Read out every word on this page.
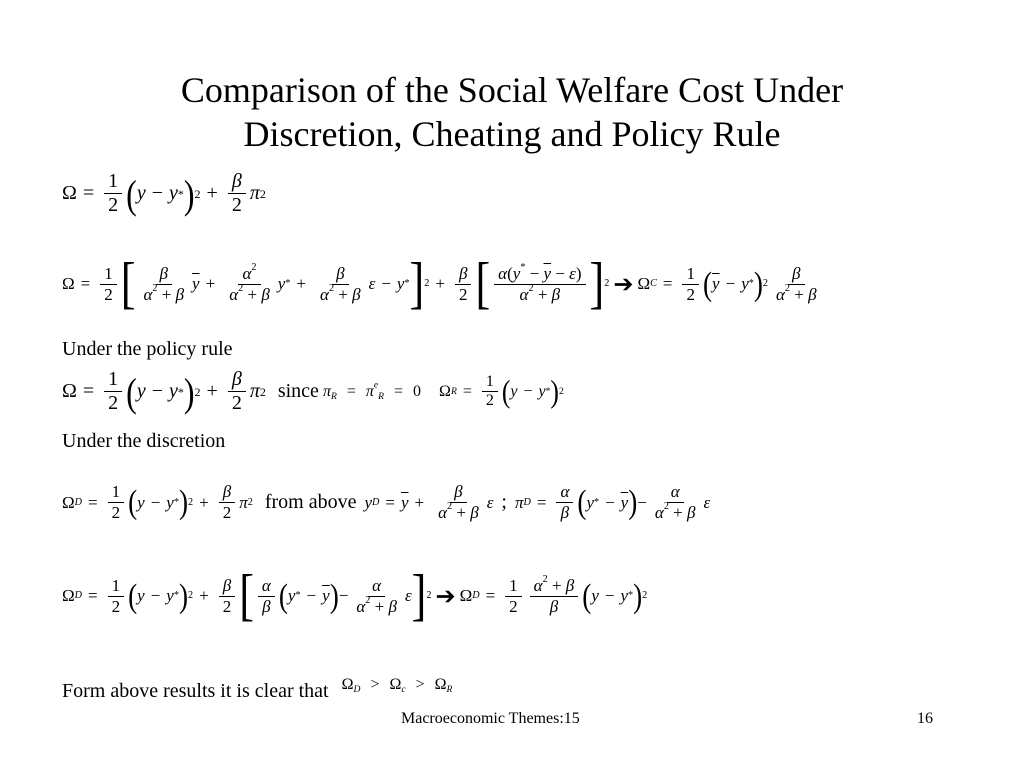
Comparison of the Social Welfare Cost Under
Discretion, Cheating and Policy Rule
$\Omega = \frac{1}{2}$ ( y − y * ) $2 + \frac{\beta}{2}$ π 2
$\Omega = \frac{1}{2}$ [ $\frac{\beta}{\alpha^2 + \beta} \overline{y} + \frac{\alpha^2}{\alpha^2 + \beta}$ y * + $\frac{\beta}{\alpha^2 + \beta}$ ε − y * ] $2 + \frac{\beta}{2}$ [ $\frac{\alpha(y^* - \overline{y} - \varepsilon)}{\alpha^2 + \beta}$ ] 2 ➔ Ω $C = \frac{1}{2}$ ( $\overline{y} - y$ * ) $2 \frac{\beta}{\alpha^2 + \beta}$
Under the policy rule
$\Omega = \frac{1}{2}$ ( y − y * ) $2 + \frac{\beta}{2}$ π 2 since $\pi_R = \pi^e_R = 0$ Ω $R = \frac{1}{2}$ ( y − y * ) 2
Under the discretion
Ω $D = \frac{1}{2}$ ( y − y * ) $2 + \frac{\beta}{2}$ π 2 from above y $D = \overline{y} + \frac{\beta}{\alpha^2 + \beta}$ ε ; π $D = \frac{\alpha}{\beta}$ ( y * − $\overline{y}$ ) − $\frac{\alpha}{\alpha^2 + \beta}$ ε
Ω $D = \frac{1}{2}$ ( y − y * ) $2 + \frac{\beta}{2}$ [ $\frac{\alpha}{\beta}$ ( y * − $\overline{y}$ ) − $\frac{\alpha}{\alpha^2 + \beta}$ ε ] 2 ➔ Ω $D = \frac{1}{2} \frac{\alpha^2 + \beta}{\beta}$ ( y − y * ) 2
Form above results it is clear that $^{\Omega_D > \Omega_c > \Omega_R}$
Macroeconomic Themes:15	16
